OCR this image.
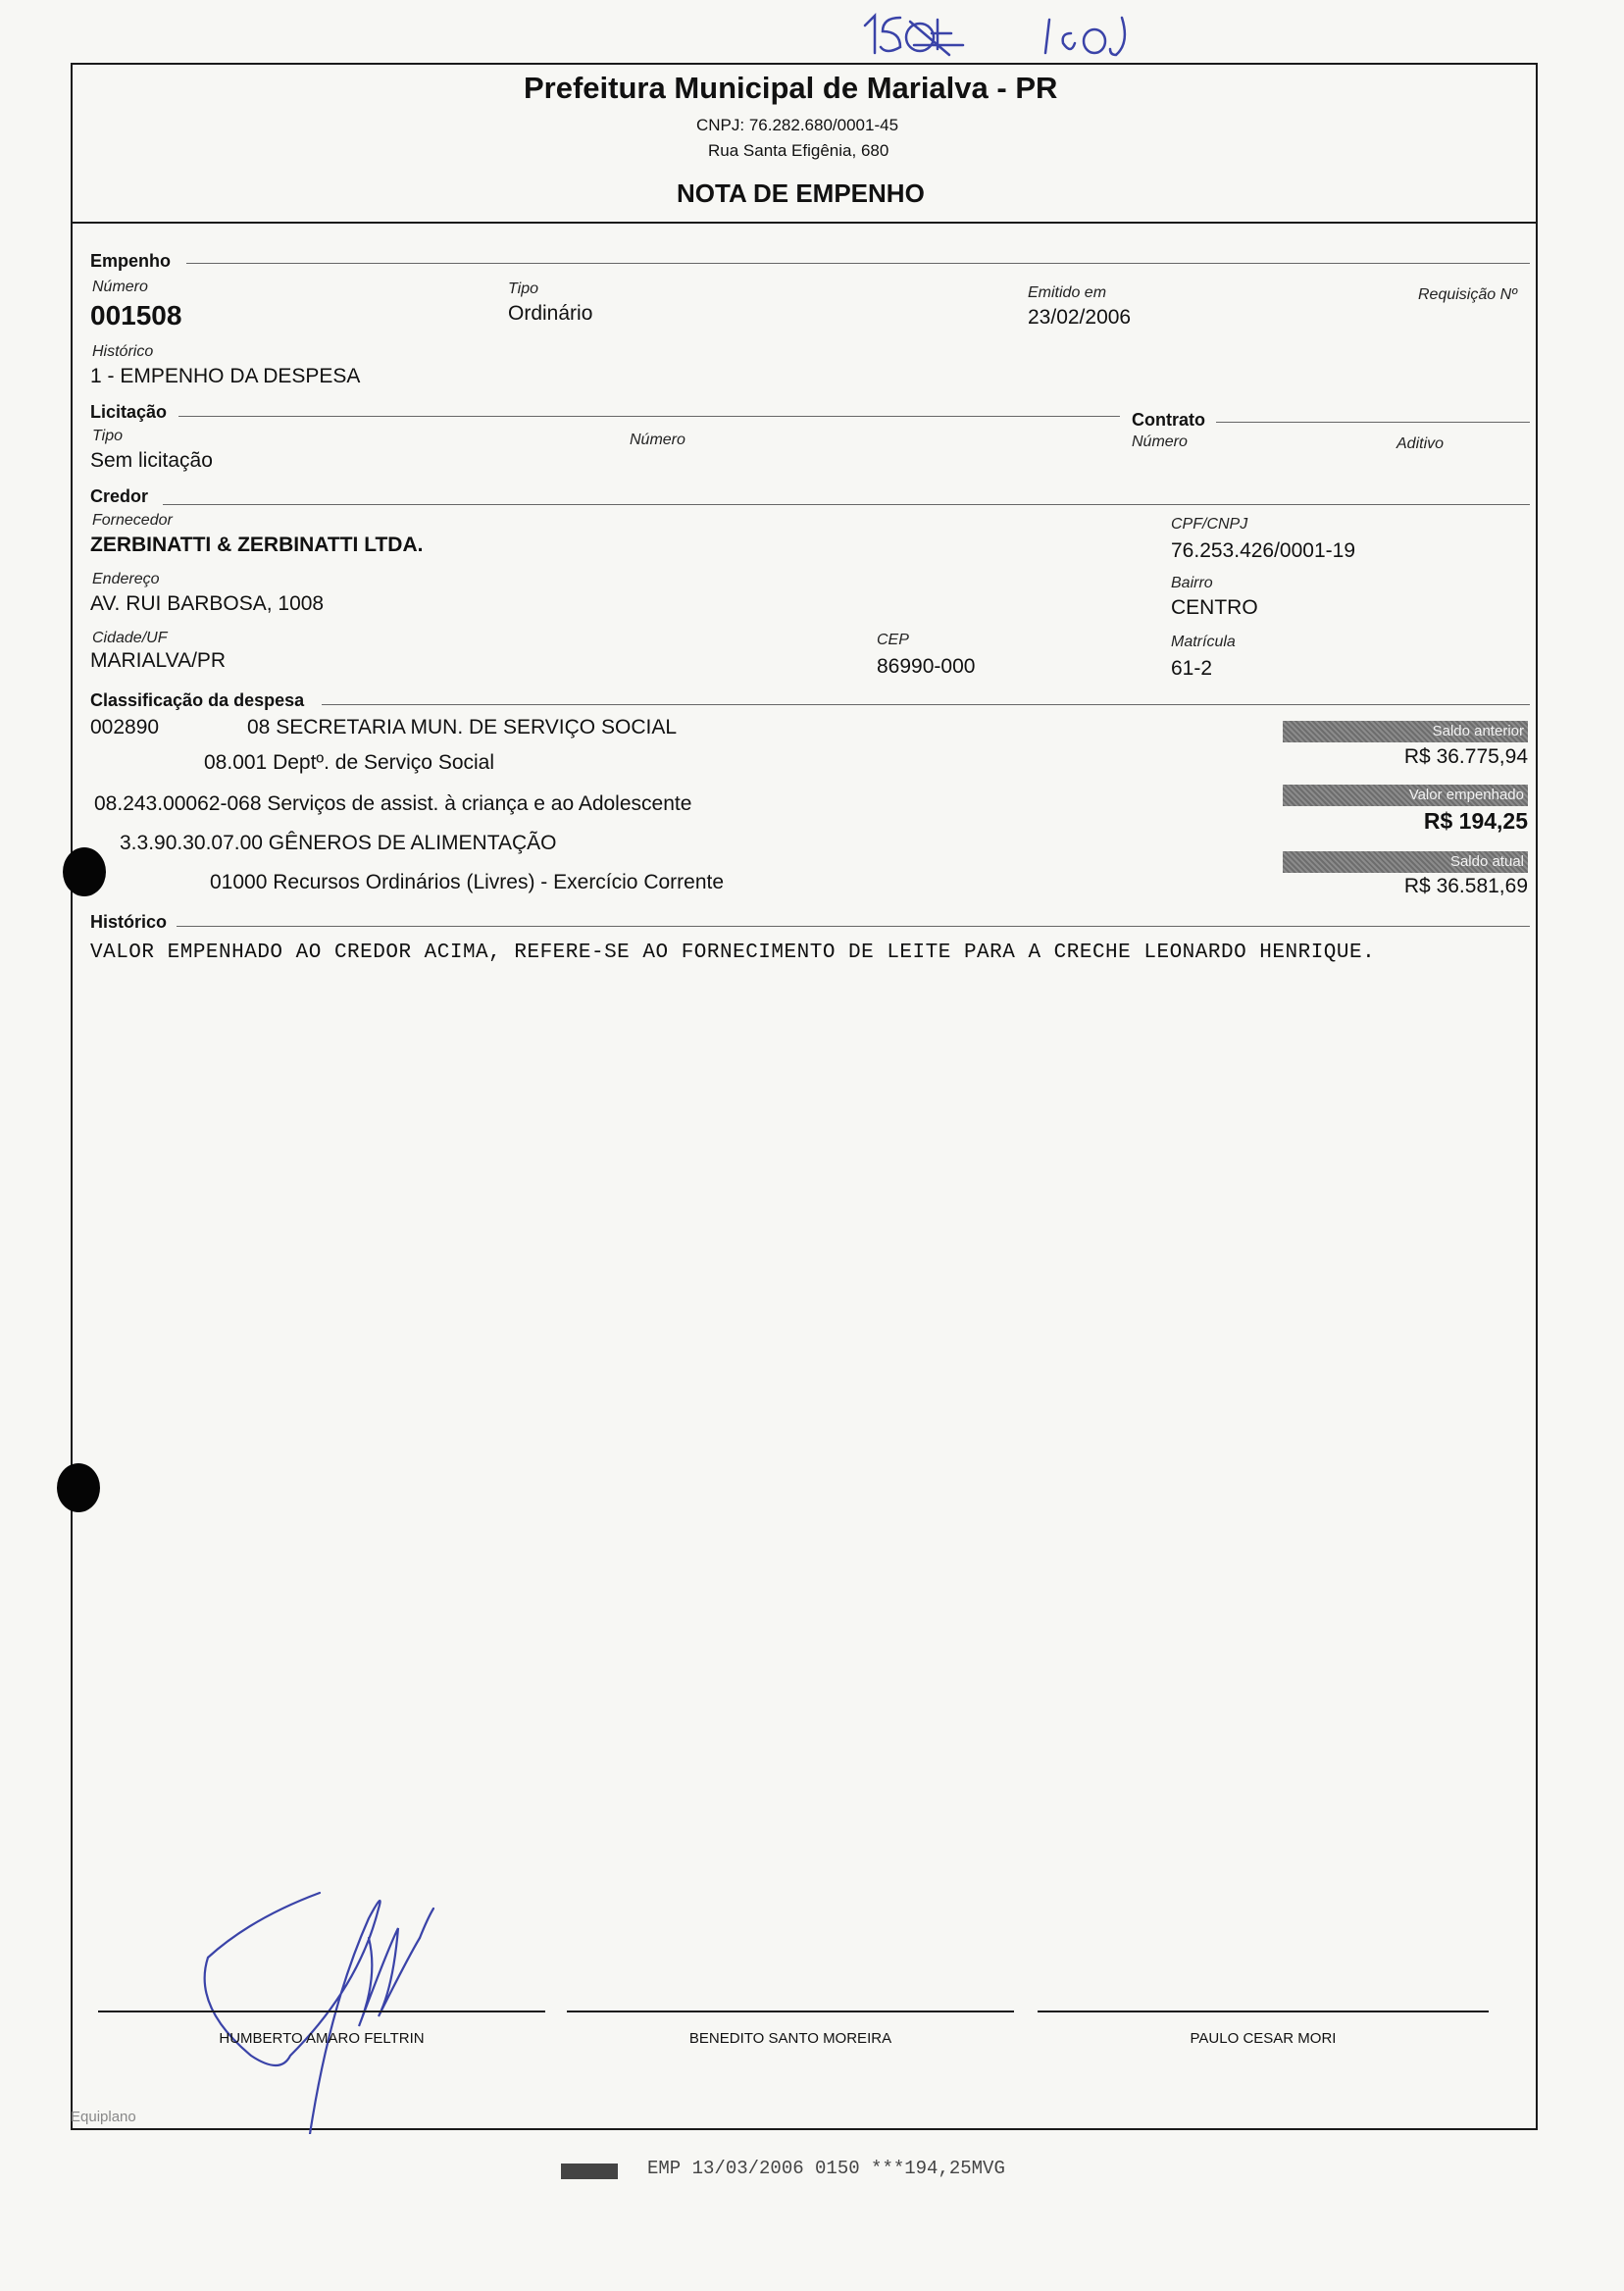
Prefeitura Municipal de Marialva - PR
CNPJ: 76.282.680/0001-45
Rua Santa Efigênia, 680
NOTA DE EMPENHO
Empenho
Número
001508
Tipo
Ordinário
Emitido em
23/02/2006
Requisição Nº
Histórico
1 - EMPENHO DA DESPESA
Licitação
Tipo
Sem licitação
Número
Contrato
Número	Aditivo
Credor
Fornecedor
ZERBINATTI & ZERBINATTI LTDA.
CPF/CNPJ
76.253.426/0001-19
Endereço
AV. RUI BARBOSA, 1008
Bairro
CENTRO
Cidade/UF
MARIALVA/PR
CEP
86990-000
Matrícula
61-2
Classificação da despesa
002890	08 SECRETARIA MUN. DE SERVIÇO SOCIAL
08.001 Deptº. de Serviço Social
08.243.00062-068 Serviços de assist. à criança e ao Adolescente
3.3.90.30.07.00 GÊNEROS DE ALIMENTAÇÃO
01000 Recursos Ordinários (Livres) - Exercício Corrente
Saldo anterior
R$ 36.775,94
Valor empenhado
R$ 194,25
Saldo atual
R$ 36.581,69
Histórico
VALOR EMPENHADO AO CREDOR ACIMA, REFERE-SE AO FORNECIMENTO DE LEITE PARA A CRECHE LEONARDO HENRIQUE.
HUMBERTO AMARO FELTRIN	BENEDITO SANTO MOREIRA	PAULO CESAR MORI
Equiplano
EMP 13/03/2006 0150 ***194,25MVG
